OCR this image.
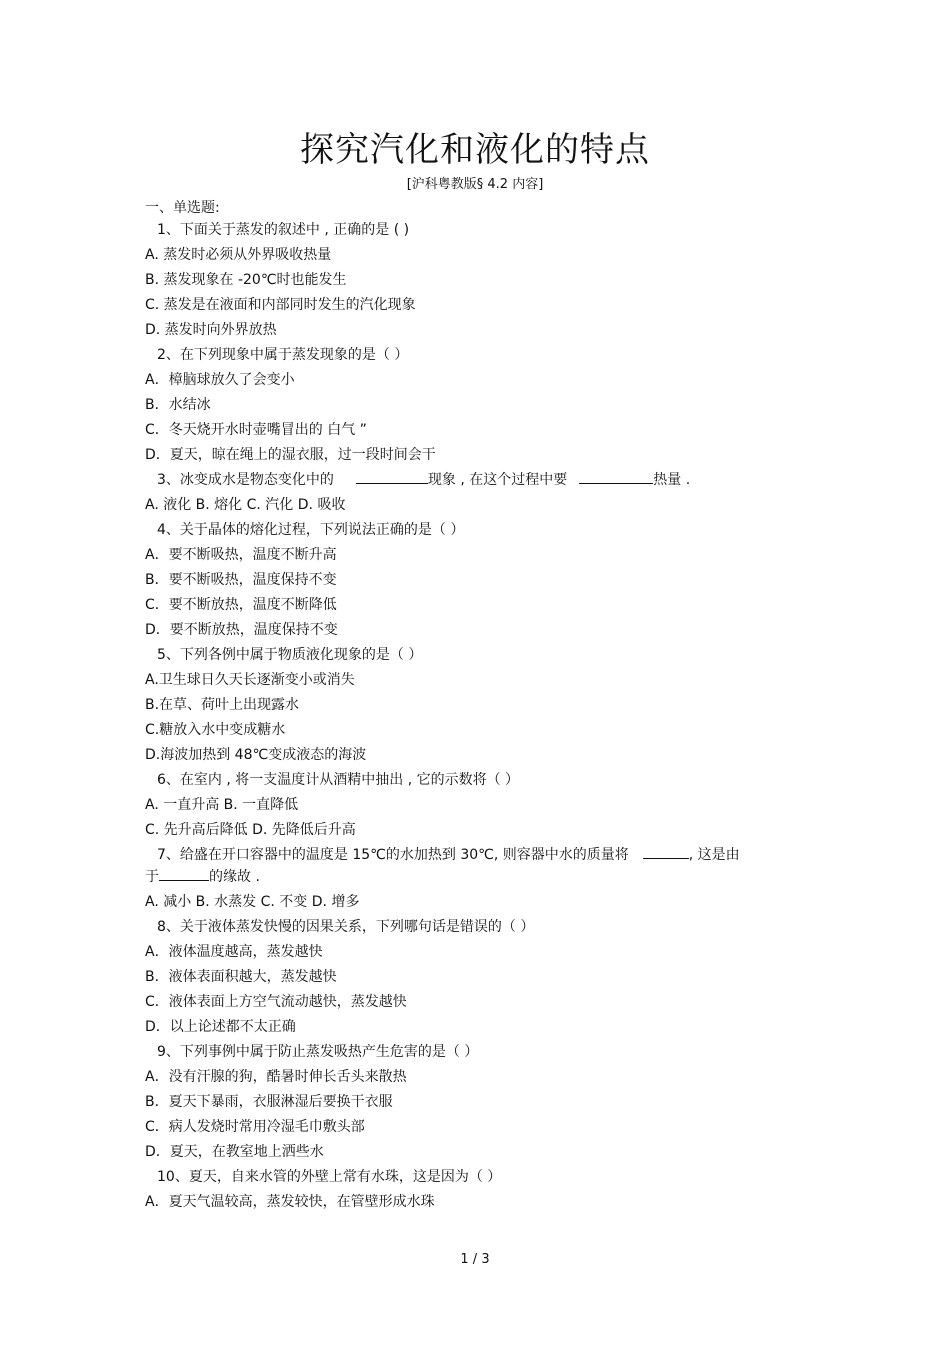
探究汽化和液化的特点
[沪科粤教版§ 4.2 内容]
一、单选题:
1、下面关于蒸发的叙述中 , 正确的是 ( )
A. 蒸发时必须从外界吸收热量
B. 蒸发现象在 -20℃时也能发生
C. 蒸发是在液面和内部同时发生的汽化现象
D. 蒸发时向外界放热
2、在下列现象中属于蒸发现象的是（ ）
A．樟脑球放久了会变小
B．水结冰
C．冬天烧开水时壶嘴冒出的 白气 ”
D．夏天，晾在绳上的湿衣服，过一段时间会干
3、冰变成水是物态变化中的	现象 , 在这个过程中要	热量 .
A. 液化 B. 熔化 C. 汽化 D. 吸收
4、关于晶体的熔化过程，下列说法正确的是（ ）
A．要不断吸热，温度不断升高
B．要不断吸热，温度保持不变
C．要不断放热，温度不断降低
D．要不断放热，温度保持不变
5、下列各例中属于物质液化现象的是（ ）
A.卫生球日久天长逐渐变小或消失
B.在草、荷叶上出现露水
C.糖放入水中变成糖水
D.海波加热到 48℃变成液态的海波
6、在室内 , 将一支温度计从酒精中抽出 , 它的示数将（ ）
A. 一直升高 B. 一直降低
C. 先升高后降低 D. 先降低后升高
7、给盛在开口容器中的温度是 15℃的水加热到 30℃, 则容器中水的质量将	, 这是由
于	的缘故 .
A. 减小 B. 水蒸发 C. 不变 D. 增多
8、关于液体蒸发快慢的因果关系，下列哪句话是错误的（ ）
A．液体温度越高，蒸发越快
B．液体表面积越大，蒸发越快
C．液体表面上方空气流动越快，蒸发越快
D．以上论述都不太正确
9、下列事例中属于防止蒸发吸热产生危害的是（ ）
A．没有汗腺的狗，酷暑时伸长舌头来散热
B．夏天下暴雨，衣服淋湿后要换干衣服
C．病人发烧时常用冷湿毛巾敷头部
D．夏天，在教室地上洒些水
10、夏天，自来水管的外壁上常有水珠，这是因为（ ）
A．夏天气温较高，蒸发较快，在管壁形成水珠
1 / 3
